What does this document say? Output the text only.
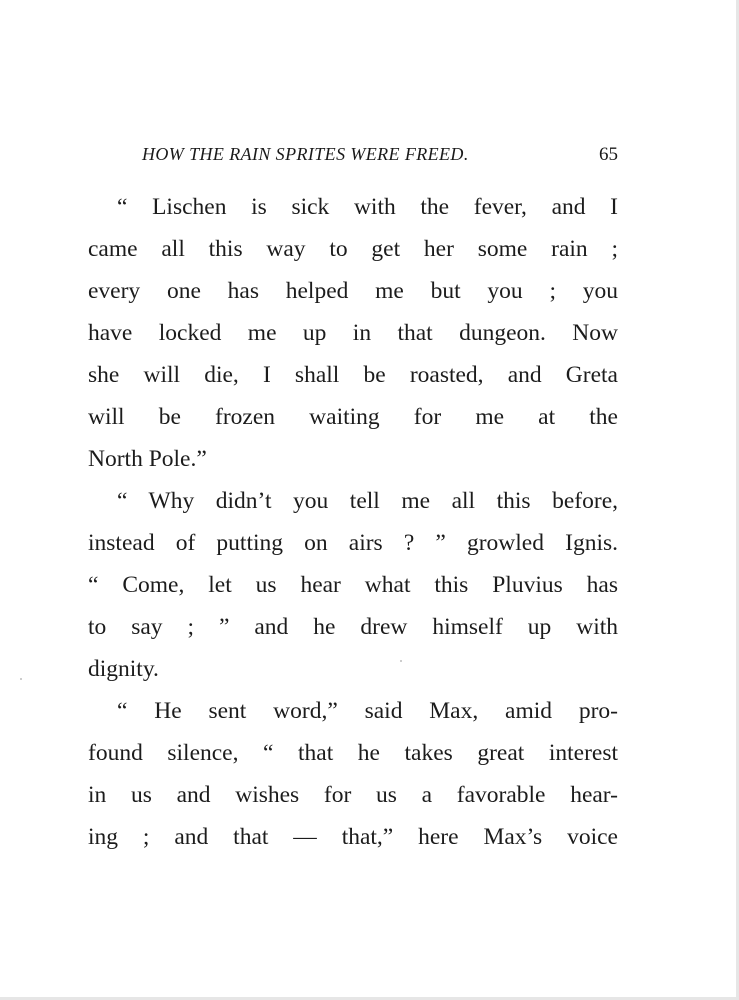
HOW THE RAIN SPRITES WERE FREED.	65
“ Lischen is sick with the fever, and I
came all this way to get her some rain ;
every one has helped me but you ; you
have locked me up in that dungeon. Now
she will die, I shall be roasted, and Greta
will be frozen waiting for me at the
North Pole.”
“ Why didn’t you tell me all this before,
instead of putting on airs ? ” growled Ignis.
“ Come, let us hear what this Pluvius has
to say ; ” and he drew himself up with
dignity.
“ He sent word,” said Max, amid pro-
found silence, “ that he takes great interest
in us and wishes for us a favorable hear-
ing ; and that — that,” here Max’s voice
